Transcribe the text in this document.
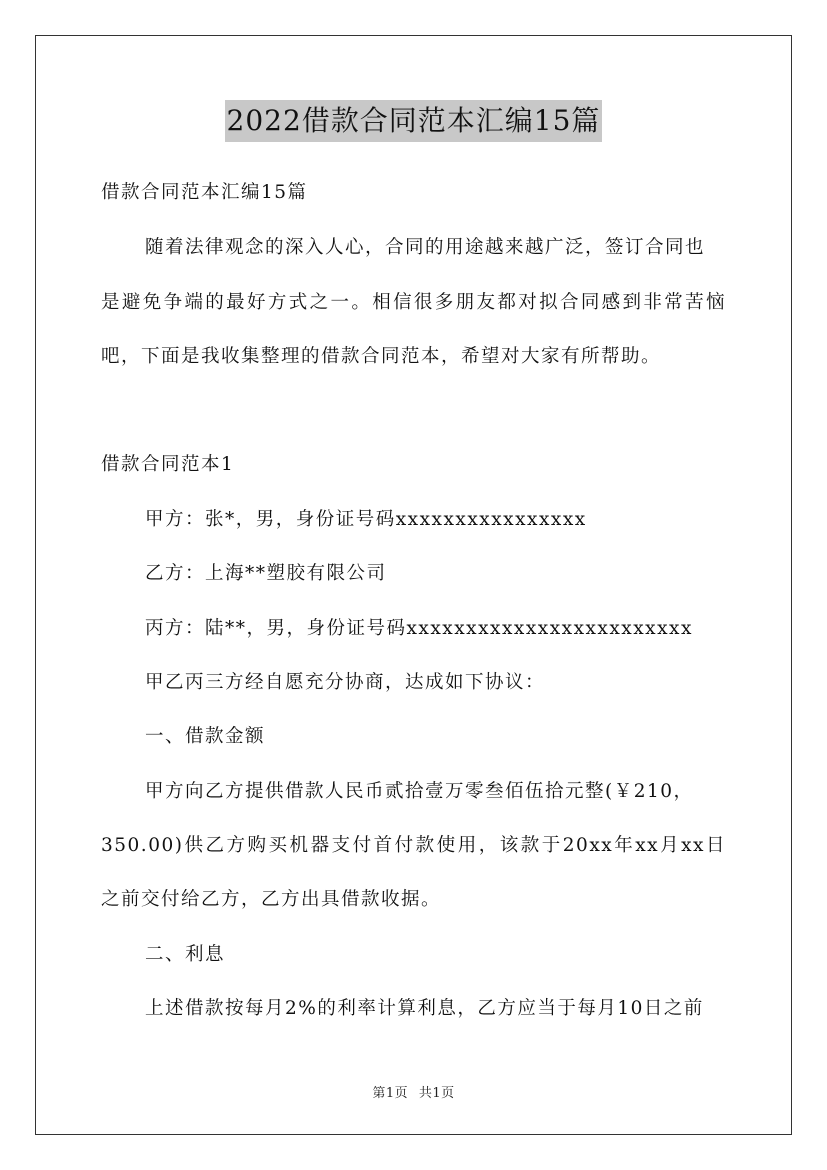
2022借款合同范本汇编15篇
借款合同范本汇编15篇
随着法律观念的深入人心，合同的用途越来越广泛，签订合同也
是避免争端的最好方式之一。相信很多朋友都对拟合同感到非常苦恼
吧，下面是我收集整理的借款合同范本，希望对大家有所帮助。
借款合同范本1
甲方：张*，男，身份证号码xxxxxxxxxxxxxxxx
乙方：上海**塑胶有限公司
丙方：陆**，男，身份证号码xxxxxxxxxxxxxxxxxxxxxxxx
甲乙丙三方经自愿充分协商，达成如下协议：
一、借款金额
甲方向乙方提供借款人民币贰拾壹万零叁佰伍拾元整(￥210，
350.00)供乙方购买机器支付首付款使用，该款于20xx年xx月xx日
之前交付给乙方，乙方出具借款收据。
二、利息
上述借款按每月2%的利率计算利息，乙方应当于每月10日之前
第1页 共1页
